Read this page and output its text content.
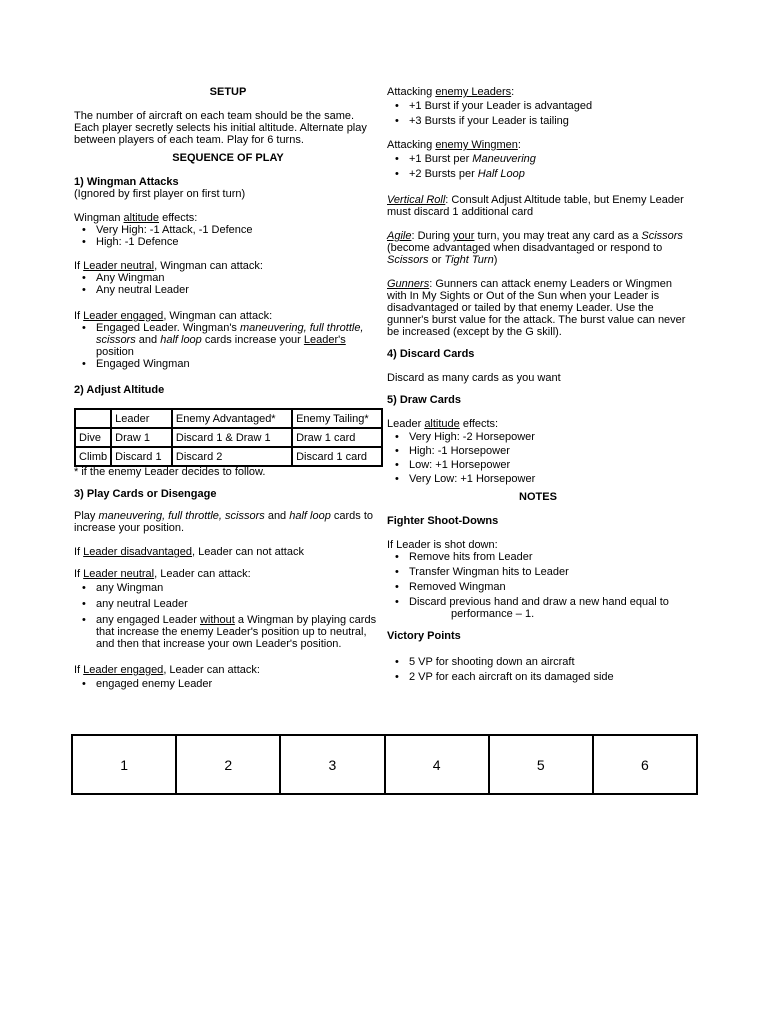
SETUP

The number of aircraft on each team should be the same. Each player secretly selects his initial altitude. Alternate play between players of each team. Play for 6 turns.

SEQUENCE OF PLAY

1) Wingman Attacks

(Ignored by first player on first turn)

Wingman altitude effects:

• Very High: -1 Attack, -1 Defence
• High: -1 Defence

If Leader neutral, Wingman can attack:

• Any Wingman
• Any neutral Leader

If Leader engaged, Wingman can attack:

• Engaged Leader. Wingman's maneuvering, full throttle, scissors and half loop cards increase your Leader's position
• Engaged Wingman

2) Adjust Altitude

	Leader	Enemy Advantaged*	Enemy Tailing*
Dive	Draw 1	Discard 1 & Draw 1	Draw 1 card
Climb	Discard 1	Discard 2	Discard 1 card

* if the enemy Leader decides to follow.

3) Play Cards or Disengage

Play maneuvering, full throttle, scissors and half loop cards to increase your position.

If Leader disadvantaged, Leader can not attack

If Leader neutral, Leader can attack:

• any Wingman
• any neutral Leader
• any engaged Leader without a Wingman by playing cards that increase the enemy Leader's position up to neutral, and then that increase your own Leader's position.

If Leader engaged, Leader can attack:

• engaged enemy Leader

Attacking enemy Leaders:

• +1 Burst if your Leader is advantaged
• +3 Bursts if your Leader is tailing

Attacking enemy Wingmen:

• +1 Burst per Maneuvering
• +2 Bursts per Half Loop

Vertical Roll: Consult Adjust Altitude table, but Enemy Leader must discard 1 additional card

Agile: During your turn, you may treat any card as a Scissors (become advantaged when disadvantaged or respond to Scissors or Tight Turn)

Gunners: Gunners can attack enemy Leaders or Wingmen with In My Sights or Out of the Sun when your Leader is disadvantaged or tailed by that enemy Leader. Use the gunner's burst value for the attack. The burst value can never be increased (except by the G skill).

4) Discard Cards

Discard as many cards as you want

5) Draw Cards

Leader altitude effects:

• Very High: -2 Horsepower
• High: -1 Horsepower
• Low: +1 Horsepower
• Very Low: +1 Horsepower

NOTES

Fighter Shoot-Downs

If Leader is shot down:

• Remove hits from Leader
• Transfer Wingman hits to Leader
• Removed Wingman
• Discard previous hand and draw a new hand equal to
performance – 1.

Victory Points

• 5 VP for shooting down an aircraft
• 2 VP for each aircraft on its damaged side
1	2	3	4	5	6
